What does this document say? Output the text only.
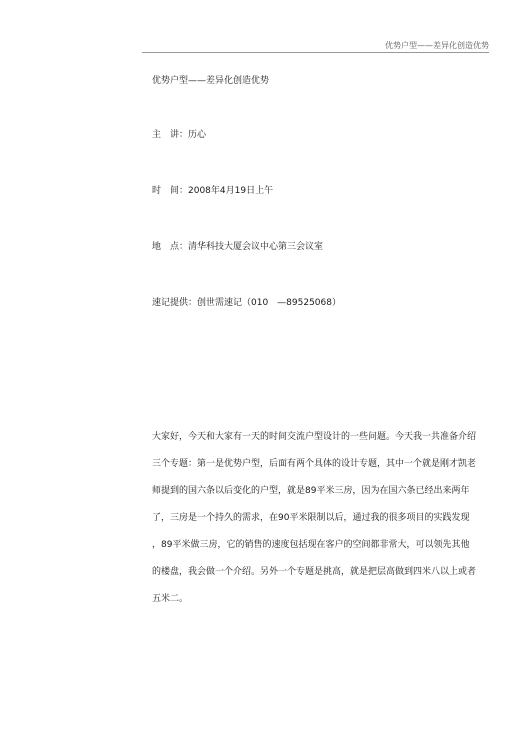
优势户型——差异化创造优势
优势户型——差异化创造优势
主　讲：历心
时　间：2008年4月19日上午
地　点：清华科技大厦会议中心第三会议室
速记提供：创世需速记（010　—89525068）
大家好，今天和大家有一天的时间交流户型设计的一些问题。今天我一共准备介绍
三个专题：第一是优势户型，后面有两个具体的设计专题，其中一个就是刚才凯老
师提到的国六条以后变化的户型，就是89平米三房，因为在国六条已经出来两年
了，三房是一个持久的需求，在90平米限制以后，通过我的很多项目的实践发现
，89平米做三房，它的销售的速度包括现在客户的空间都非常大，可以领先其他
的楼盘，我会做一个介绍。另外一个专题是挑高，就是把层高做到四米八以上或者
五米二。
